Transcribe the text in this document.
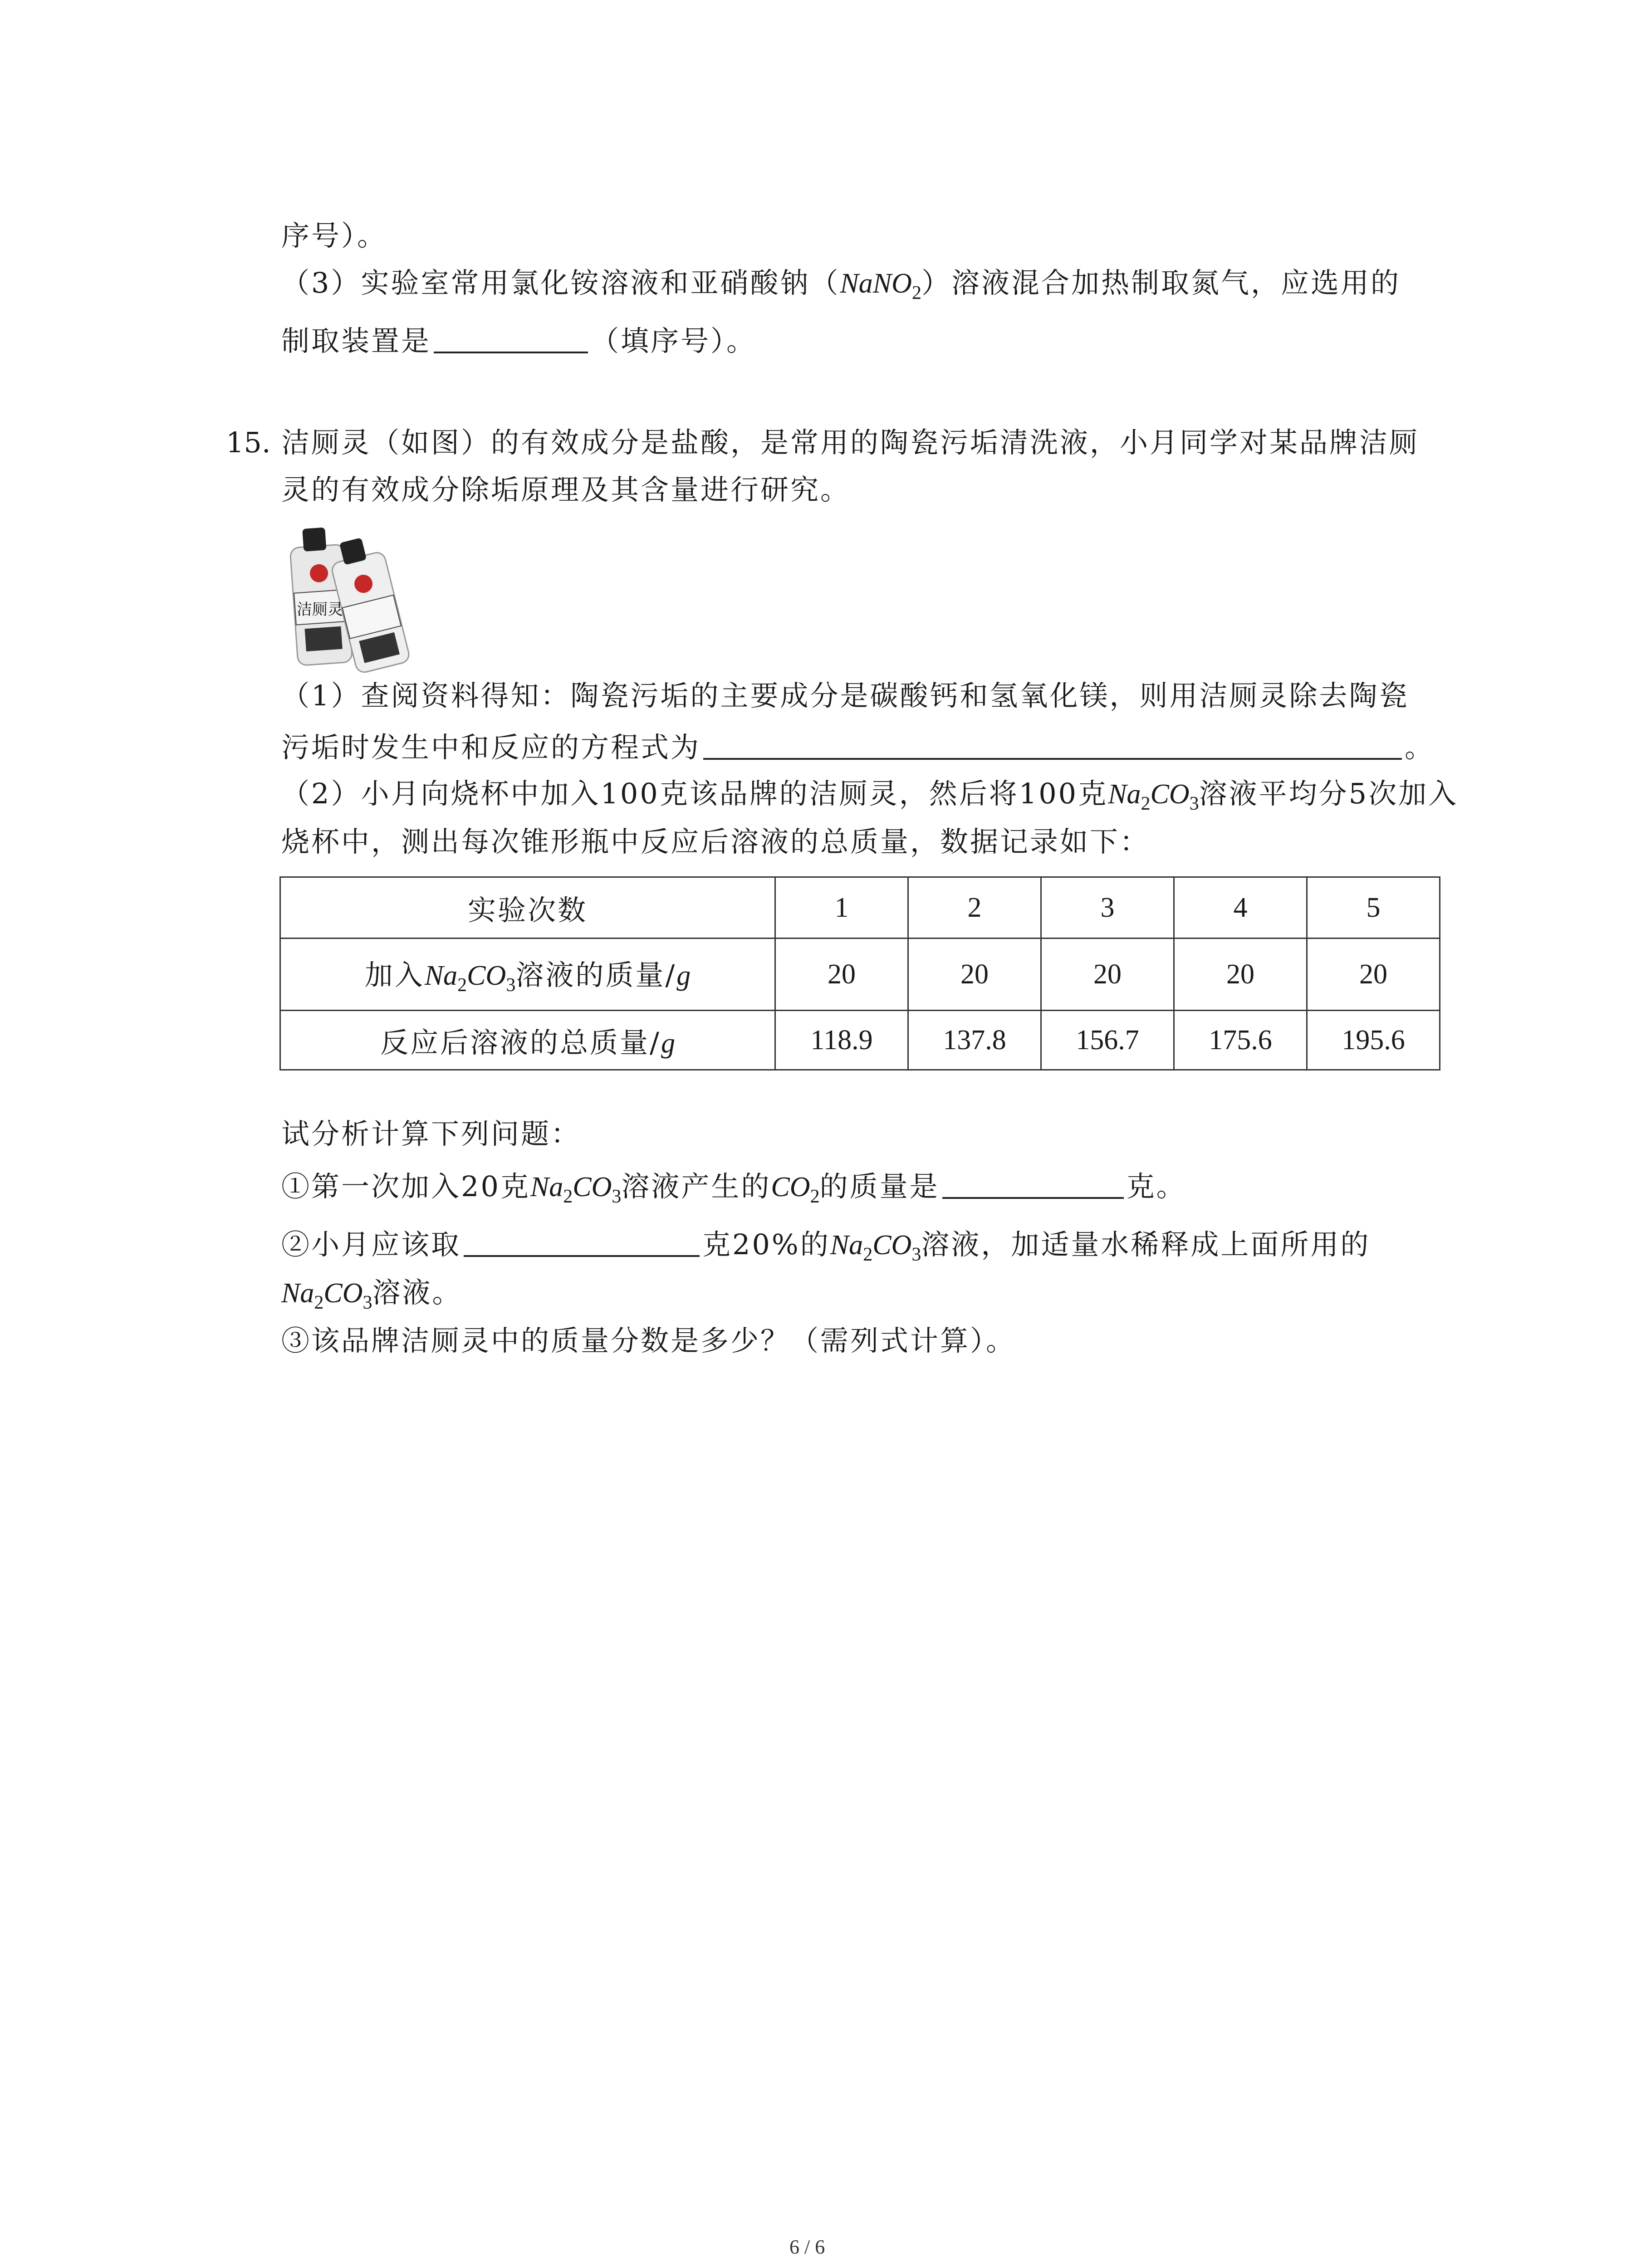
序号）。
（3）实验室常用氯化铵溶液和亚硝酸钠（NaNO$_2$）溶液混合加热制取氮气，应选用的
制取装置是	（填序号）。
15. 洁厕灵（如图）的有效成分是盐酸，是常用的陶瓷污垢清洗液，小月同学对某品牌洁厕
灵的有效成分除垢原理及其含量进行研究。
洁厕灵
（1）查阅资料得知：陶瓷污垢的主要成分是碳酸钙和氢氧化镁，则用洁厕灵除去陶瓷
污垢时发生中和反应的方程式为	。
（2）小月向烧杯中加入100克该品牌的洁厕灵，然后将100克$Na_2CO_3$溶液平均分5次加入
烧杯中，测出每次锥形瓶中反应后溶液的总质量，数据记录如下：
实验次数	1	2	3	4	5
加入$Na_2CO_3$溶液的质量/g	20	20	20	20	20
反应后溶液的总质量/g	118.9	137.8	156.7	175.6	195.6
试分析计算下列问题：
①第一次加入20克$Na_2CO_3$溶液产生的$CO_2$的质量是	克。
②小月应该取	克20%的$Na_2CO_3$溶液，加适量水稀释成上面所用的
$Na_2CO_3$溶液。
③该品牌洁厕灵中的质量分数是多少？（需列式计算）。
6 / 6
